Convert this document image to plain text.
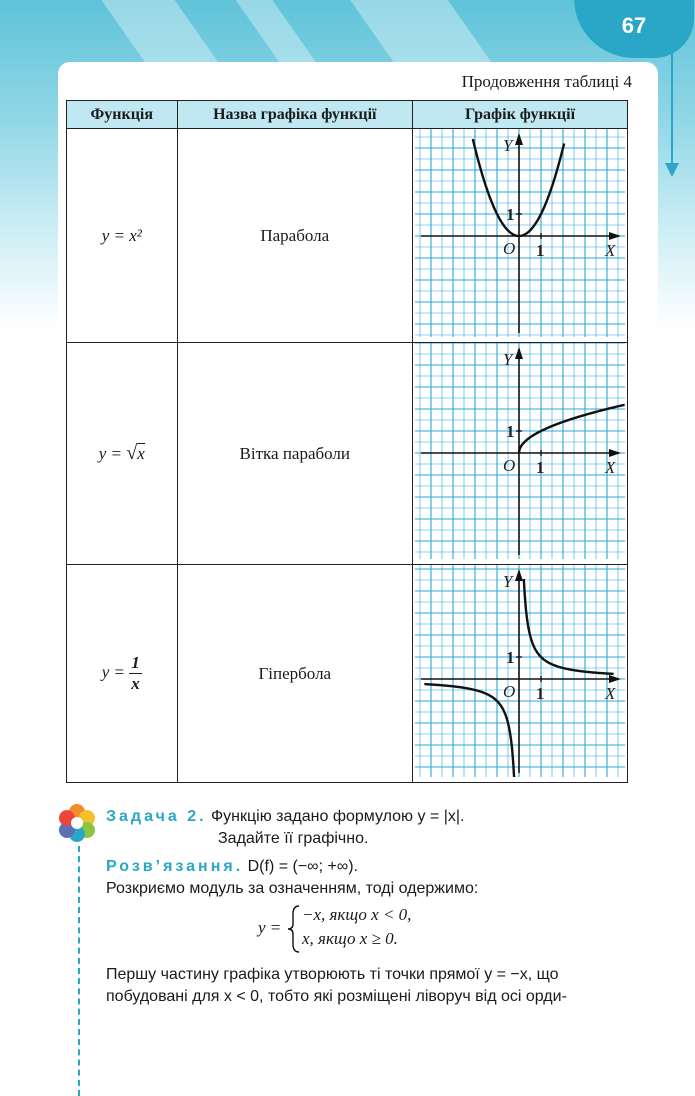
67
Продовження таблиці 4
Функція	Назва графіка функції	Графік функції
y = x²	Парабола	Y
X
O 1
1

y = √x	Вітка параболи	Y
X
O 1
1

$y = \frac{1}{x}$	Гіпербола	Y
X
O 1
1

Задача 2. Функцію задано формулою y = |x|.

Задайте її графічно.

Розв’язання. D(f) = (−∞; +∞).

Розкриємо модуль за означенням, тоді одержимо:

y =
−x, якщо x < 0,
x, якщо x ≥ 0.

Першу частину графіка утворюють ті точки прямої y = −x, що

побудовані для x < 0, тобто які розміщені ліворуч від осі орди-
